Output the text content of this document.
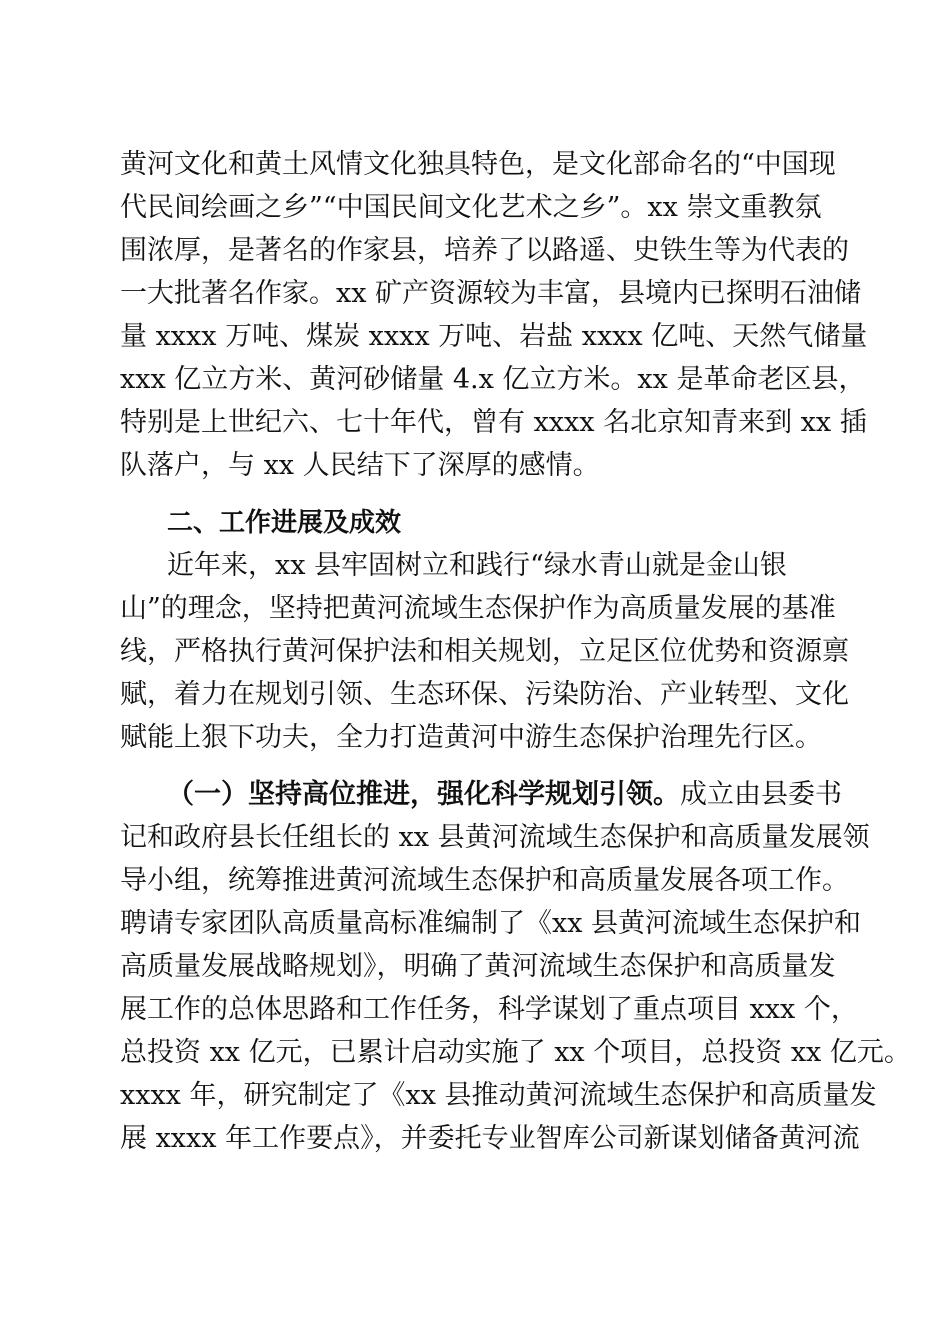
黄河文化和黄土风情文化独具特色，是文化部命名的“中国现
代民间绘画之乡”“中国民间文化艺术之乡”。xx 崇文重教氛
围浓厚，是著名的作家县，培养了以路遥、史铁生等为代表的
一大批著名作家。xx 矿产资源较为丰富，县境内已探明石油储
量 xxxx 万吨、煤炭 xxxx 万吨、岩盐 xxxx 亿吨、天然气储量
xxx 亿立方米、黄河砂储量 4.x 亿立方米。xx 是革命老区县，
特别是上世纪六、七十年代，曾有 xxxx 名北京知青来到 xx 插
队落户，与 xx 人民结下了深厚的感情。
二、工作进展及成效
近年来，xx 县牢固树立和践行“绿水青山就是金山银
山”的理念，坚持把黄河流域生态保护作为高质量发展的基准
线，严格执行黄河保护法和相关规划，立足区位优势和资源禀
赋，着力在规划引领、生态环保、污染防治、产业转型、文化
赋能上狠下功夫，全力打造黄河中游生态保护治理先行区。
（一）坚持高位推进，强化科学规划引领。成立由县委书
记和政府县长任组长的 xx 县黄河流域生态保护和高质量发展领
导小组，统筹推进黄河流域生态保护和高质量发展各项工作。
聘请专家团队高质量高标准编制了《xx 县黄河流域生态保护和
高质量发展战略规划》，明确了黄河流域生态保护和高质量发
展工作的总体思路和工作任务，科学谋划了重点项目 xxx 个，
总投资 xx 亿元，已累计启动实施了 xx 个项目，总投资 xx 亿元。
xxxx 年，研究制定了《xx 县推动黄河流域生态保护和高质量发
展 xxxx 年工作要点》，并委托专业智库公司新谋划储备黄河流
